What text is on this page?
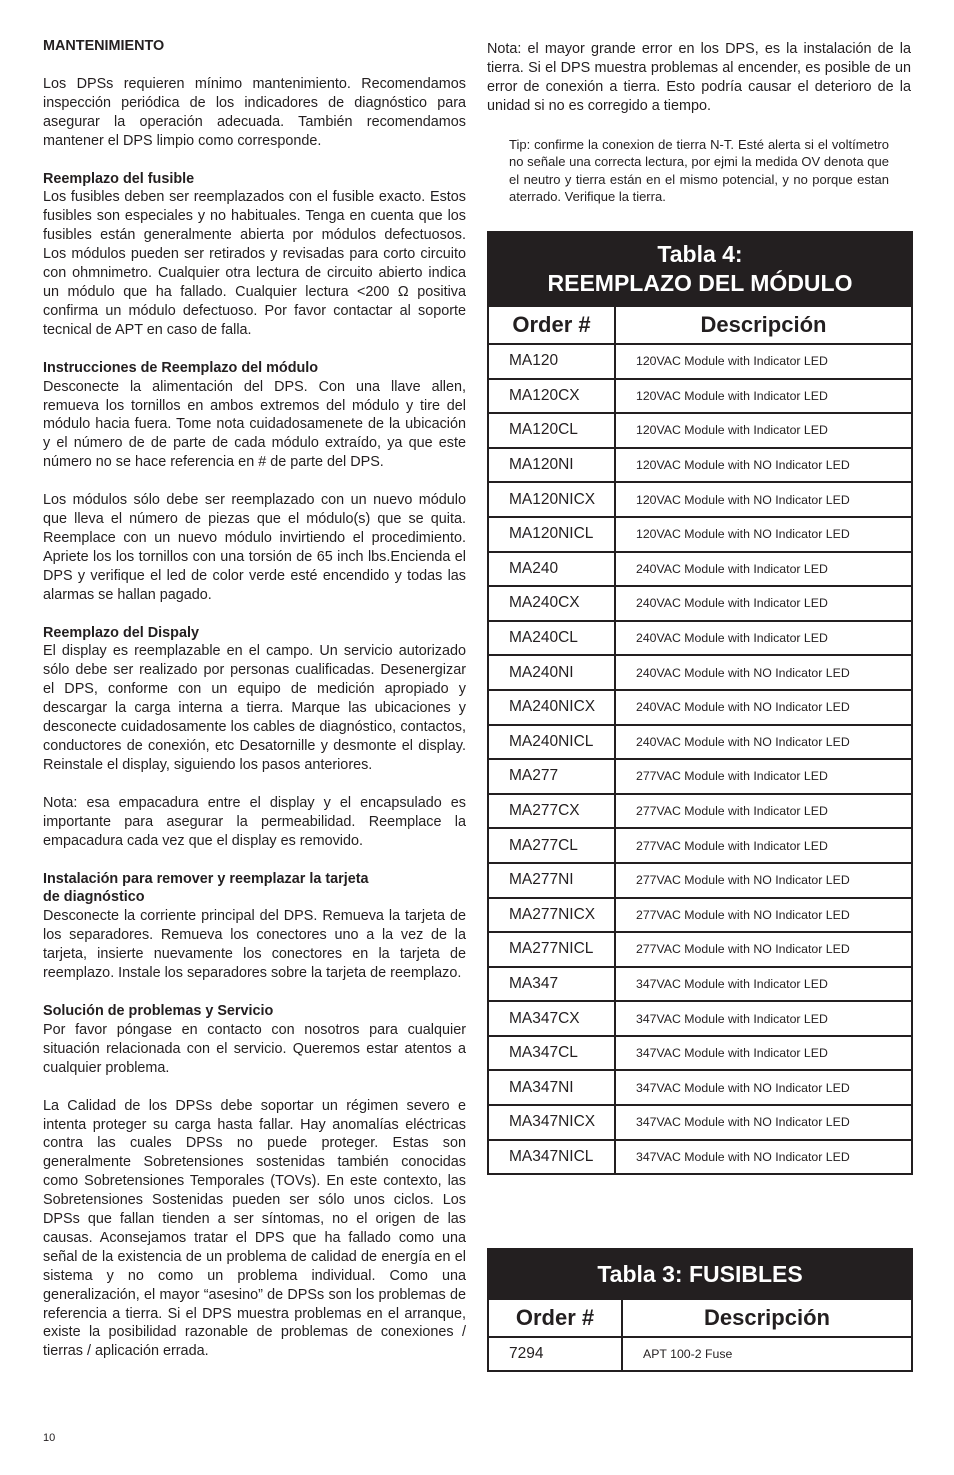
MANTENIMIENTO

Los DPSs requieren mínimo mantenimiento. Recomendamos inspección periódica de los indicadores de diagnóstico para asegurar la operación adecuada. También recomendamos mantener el DPS limpio como corresponde.

Reemplazo del fusible

Los fusibles deben ser reemplazados con el fusible exacto. Estos fusibles son especiales y no habituales. Tenga en cuenta que los fusibles están generalmente abierta por módulos defectuosos. Los módulos pueden ser retirados y revisadas para corto circuito con ohmnimetro. Cualquier otra lectura de circuito abierto indica un módulo que ha fallado. Cualquier lectura <200 Ω positiva confirma un módulo defectuoso. Por favor contactar al soporte tecnical de APT en caso de falla.

Instrucciones de Reemplazo del módulo

Desconecte la alimentación del DPS. Con una llave allen, remueva los tornillos en ambos extremos del módulo y tire del módulo hacia fuera. Tome nota cuidadosamenete de la ubicación y el número de de parte de cada módulo extraído, ya que este número no se hace referencia en # de parte del DPS.

Los módulos sólo debe ser reemplazado con un nuevo módulo que lleva el número de piezas que el módulo(s) que se quita. Reemplace con un nuevo módulo invirtiendo el procedimiento. Apriete los los tornillos con una torsión de 65 inch lbs.Encienda el DPS y verifique el led de color verde esté encendido y todas las alarmas se hallan pagado.

Reemplazo del Dispaly

El display es reemplazable en el campo. Un servicio autorizado sólo debe ser realizado por personas cualificadas. Desenergizar el DPS, conforme con un equipo de medición apropiado y descargar la carga interna a tierra. Marque las ubicaciones y desconecte cuidadosamente los cables de diagnóstico, contactos, conductores de conexión, etc Desatornille y desmonte el display. Reinstale el display, siguiendo los pasos anteriores.

Nota: esa empacadura entre el display y el encapsulado es importante para asegurar la permeabilidad. Reemplace la empacadura cada vez que el display es removido.

Instalación para remover y reemplazar la tarjeta
de diagnóstico

Desconecte la corriente principal del DPS. Remueva la tarjeta de los separadores. Remueva los conectores uno a la vez de la tarjeta, insierte nuevamente los conectores en la tarjeta de reemplazo. Instale los separadores sobre la tarjeta de reemplazo.

Solución de problemas y Servicio

Por favor póngase en contacto con nosotros para cualquier situación relacionada con el servicio. Queremos estar atentos a cualquier problema.

La Calidad de los DPSs debe soportar un régimen severo e intenta proteger su carga hasta fallar. Hay anomalías eléctricas contra las cuales DPSs no puede proteger. Estas son generalmente Sobretensiones sostenidas también conocidas como Sobretensiones Temporales (TOVs). En este contexto, las Sobretensiones Sostenidas pueden ser sólo unos ciclos. Los DPSs que fallan tienden a ser síntomas, no el origen de las causas. Aconsejamos tratar el DPS que ha fallado como una señal de la existencia de un problema de calidad de energía en el sistema y no como un problema individual. Como una generalización, el mayor “asesino” de DPSs son los problemas de referencia a tierra. Si el DPS muestra problemas en el arranque, existe la posibilidad razonable de problemas de conexiones / tierras / aplicación errada.

Nota: el mayor grande error en los DPS, es la instalación de la tierra. Si el DPS muestra problemas al encender, es posible de un error de conexión a tierra. Esto podría causar el deterioro de la unidad si no es corregido a tiempo.

Tip: confirme la conexion de tierra N-T. Esté alerta si el voltímetro no señale una correcta lectura, por ejmi la medida OV denota que el neutro y tierra están en el mismo potencial, y no porque estan aterrado. Verifique la tierra.

Tabla 4:
REEMPLAZO DEL MÓDULO	

Order #	Descripción
MA120	120VAC Module with Indicator LED
MA120CX	120VAC Module with Indicator LED
MA120CL	120VAC Module with Indicator LED
MA120NI	120VAC Module with NO Indicator LED
MA120NICX	120VAC Module with NO Indicator LED
MA120NICL	120VAC Module with NO Indicator LED
MA240	240VAC Module with Indicator LED
MA240CX	240VAC Module with Indicator LED
MA240CL	240VAC Module with Indicator LED
MA240NI	240VAC Module with NO Indicator LED
MA240NICX	240VAC Module with NO Indicator LED
MA240NICL	240VAC Module with NO Indicator LED
MA277	277VAC Module with Indicator LED
MA277CX	277VAC Module with Indicator LED
MA277CL	277VAC Module with Indicator LED
MA277NI	277VAC Module with NO Indicator LED
MA277NICX	277VAC Module with NO Indicator LED
MA277NICL	277VAC Module with NO Indicator LED
MA347	347VAC Module with Indicator LED
MA347CX	347VAC Module with Indicator LED
MA347CL	347VAC Module with Indicator LED
MA347NI	347VAC Module with NO Indicator LED
MA347NICX	347VAC Module with NO Indicator LED
MA347NICL	347VAC Module with NO Indicator LED
Tabla 3: FUSIBLES	
Order #	Descripción
7294	APT 100-2 Fuse
10
